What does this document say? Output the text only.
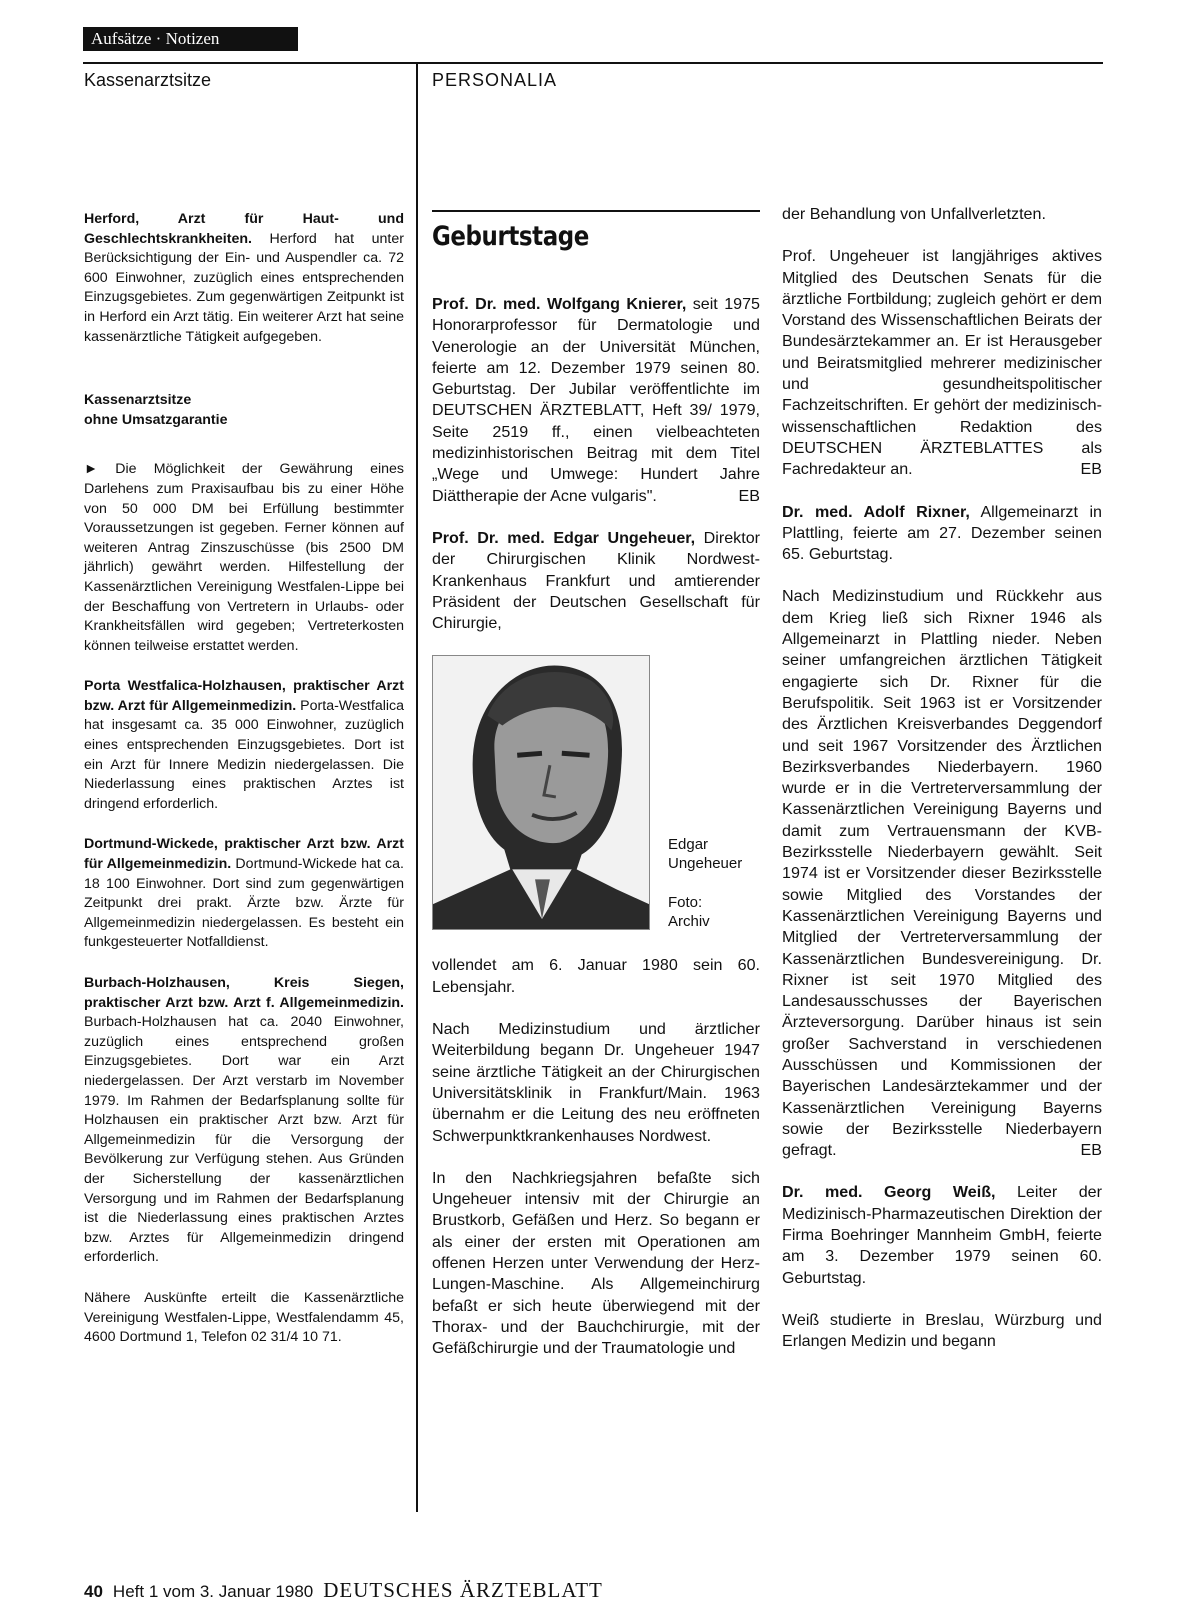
Aufsätze · Notizen
Kassenarztsitze	PERSONALIA

Herford, Arzt für Haut- und Geschlechtskrankheiten. Herford hat unter Berücksichtigung der Ein- und Auspendler ca. 72 600 Einwohner, zuzüglich eines entsprechenden Einzugsgebietes. Zum gegenwärtigen Zeitpunkt ist in Herford ein Arzt tätig. Ein weiterer Arzt hat seine kassenärztliche Tätigkeit aufgegeben.

Kassenarztsitze
ohne Umsatzgarantie

► Die Möglichkeit der Gewährung eines Darlehens zum Praxisaufbau bis zu einer Höhe von 50 000 DM bei Erfüllung bestimmter Voraussetzungen ist gegeben. Ferner können auf weiteren Antrag Zinszuschüsse (bis 2500 DM jährlich) gewährt werden. Hilfestellung der Kassenärztlichen Vereinigung Westfalen-Lippe bei der Beschaffung von Vertretern in Urlaubs- oder Krankheitsfällen wird gegeben; Vertreterkosten können teilweise erstattet werden.

Porta Westfalica-Holzhausen, praktischer Arzt bzw. Arzt für Allgemeinmedizin. Porta-Westfalica hat insgesamt ca. 35 000 Einwohner, zuzüglich eines entsprechenden Einzugsgebietes. Dort ist ein Arzt für Innere Medizin niedergelassen. Die Niederlassung eines praktischen Arztes ist dringend erforderlich.

Dortmund-Wickede, praktischer Arzt bzw. Arzt für Allgemeinmedizin. Dortmund-Wickede hat ca. 18 100 Einwohner. Dort sind zum gegenwärtigen Zeitpunkt drei prakt. Ärzte bzw. Ärzte für Allgemeinmedizin niedergelassen. Es besteht ein funkgesteuerter Notfalldienst.

Burbach-Holzhausen, Kreis Siegen, praktischer Arzt bzw. Arzt f. Allgemeinmedizin. Burbach-Holzhausen hat ca. 2040 Einwohner, zuzüglich eines entsprechend großen Einzugsgebietes. Dort war ein Arzt niedergelassen. Der Arzt verstarb im November 1979. Im Rahmen der Bedarfsplanung sollte für Holzhausen ein praktischer Arzt bzw. Arzt für Allgemeinmedizin für die Versorgung der Bevölkerung zur Verfügung stehen. Aus Gründen der Sicherstellung der kassenärztlichen Versorgung und im Rahmen der Bedarfsplanung ist die Niederlassung eines praktischen Arztes bzw. Arztes für Allgemeinmedizin dringend erforderlich.

Nähere Auskünfte erteilt die Kassenärztliche Vereinigung Westfalen-Lippe, Westfalendamm 45, 4600 Dortmund 1, Telefon 02 31/4 10 71.

Geburtstage

Prof. Dr. med. Wolfgang Knierer, seit 1975 Honorarprofessor für Dermatologie und Venerologie an der Universität München, feierte am 12. Dezember 1979 seinen 80. Geburtstag. Der Jubilar veröffentlichte im DEUTSCHEN ÄRZTEBLATT, Heft 39/ 1979, Seite 2519 ff., einen vielbeachteten medizinhistorischen Beitrag mit dem Titel „Wege und Umwege: Hundert Jahre Diättherapie der Acne vulgaris".	EB

Prof. Dr. med. Edgar Ungeheuer, Direktor der Chirurgischen Klinik Nordwest-Krankenhaus Frankfurt und amtierender Präsident der Deutschen Gesellschaft für Chirurgie,

Edgar
Ungeheuer
Foto:
Archiv

vollendet am 6. Januar 1980 sein 60. Lebensjahr.

Nach Medizinstudium und ärztlicher Weiterbildung begann Dr. Ungeheuer 1947 seine ärztliche Tätigkeit an der Chirurgischen Universitätsklinik in Frankfurt/Main. 1963 übernahm er die Leitung des neu eröffneten Schwerpunktkrankenhauses Nordwest.

In den Nachkriegsjahren befaßte sich Ungeheuer intensiv mit der Chirurgie an Brustkorb, Gefäßen und Herz. So begann er als einer der ersten mit Operationen am offenen Herzen unter Verwendung der Herz-Lungen-Maschine. Als Allgemeinchirurg befaßt er sich heute überwiegend mit der Thorax- und der Bauchchirurgie, mit der Gefäßchirurgie und der Traumatologie und

der Behandlung von Unfallverletzten.

Prof. Ungeheuer ist langjähriges aktives Mitglied des Deutschen Senats für die ärztliche Fortbildung; zugleich gehört er dem Vorstand des Wissenschaftlichen Beirats der Bundesärztekammer an. Er ist Herausgeber und Beiratsmitglied mehrerer medizinischer und gesundheitspolitischer Fachzeitschriften. Er gehört der medizinisch-wissenschaftlichen Redaktion des DEUTSCHEN ÄRZTEBLATTES als Fachredakteur an.	EB

Dr. med. Adolf Rixner, Allgemeinarzt in Plattling, feierte am 27. Dezember seinen 65. Geburtstag.

Nach Medizinstudium und Rückkehr aus dem Krieg ließ sich Rixner 1946 als Allgemeinarzt in Plattling nieder. Neben seiner umfangreichen ärztlichen Tätigkeit engagierte sich Dr. Rixner für die Berufspolitik. Seit 1963 ist er Vorsitzender des Ärztlichen Kreisverbandes Deggendorf und seit 1967 Vorsitzender des Ärztlichen Bezirksverbandes Niederbayern. 1960 wurde er in die Vertreterversammlung der Kassenärztlichen Vereinigung Bayerns und damit zum Vertrauensmann der KVB-Bezirksstelle Niederbayern gewählt. Seit 1974 ist er Vorsitzender dieser Bezirksstelle sowie Mitglied des Vorstandes der Kassenärztlichen Vereinigung Bayerns und Mitglied der Vertreterversammlung der Kassenärztlichen Bundesvereinigung. Dr. Rixner ist seit 1970 Mitglied des Landesausschusses der Bayerischen Ärzteversorgung. Darüber hinaus ist sein großer Sachverstand in verschiedenen Ausschüssen und Kommissionen der Bayerischen Landesärztekammer und der Kassenärztlichen Vereinigung Bayerns sowie der Bezirksstelle Niederbayern gefragt.	EB

Dr. med. Georg Weiß, Leiter der Medizinisch-Pharmazeutischen Direktion der Firma Boehringer Mannheim GmbH, feierte am 3. Dezember 1979 seinen 60. Geburtstag.

Weiß studierte in Breslau, Würzburg und Erlangen Medizin und begann

40 Heft 1 vom 3. Januar 1980 DEUTSCHES ÄRZTEBLATT
